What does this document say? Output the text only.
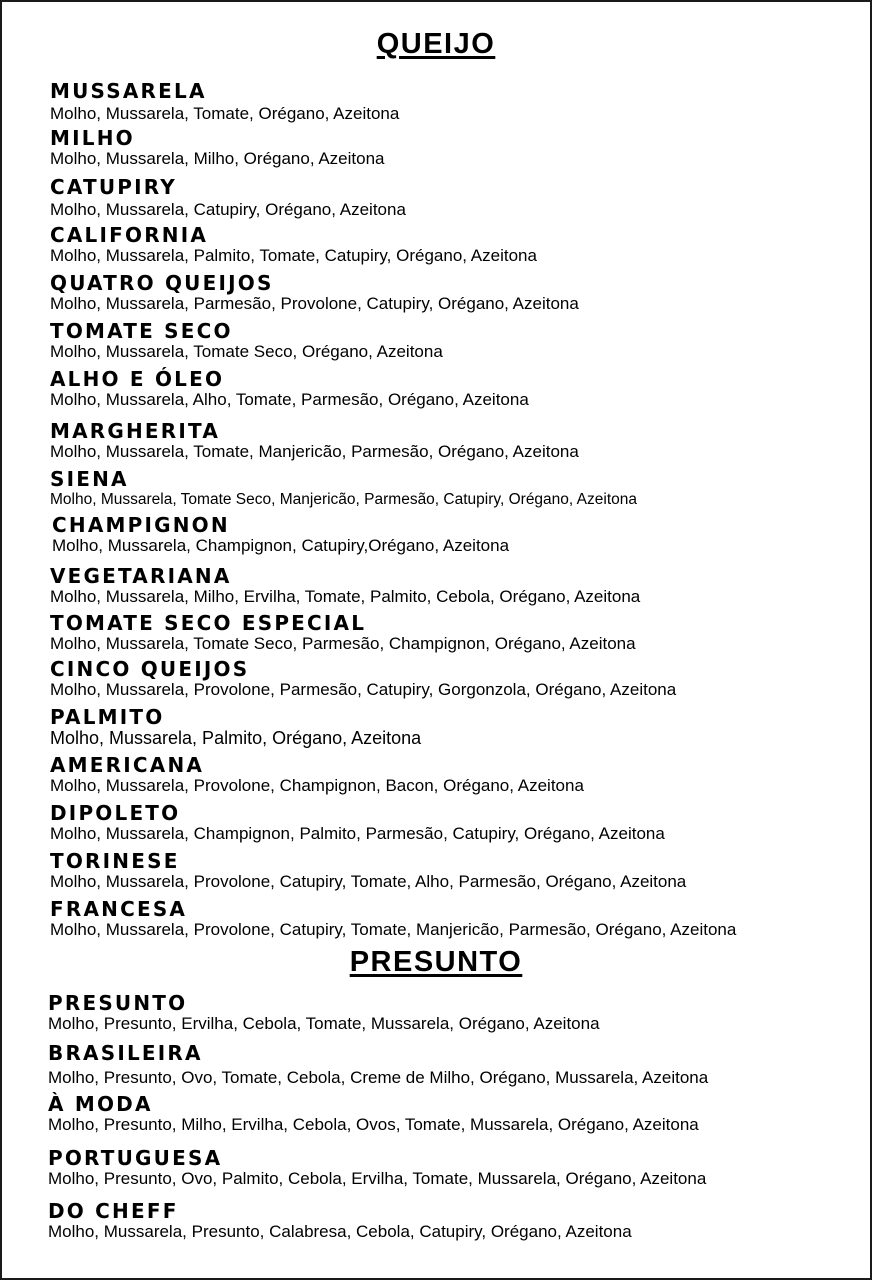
QUEIJO
MUSSARELA
Molho, Mussarela, Tomate, Orégano, Azeitona
MILHO
Molho, Mussarela, Milho, Orégano, Azeitona
CATUPIRY
Molho, Mussarela, Catupiry, Orégano, Azeitona
CALIFORNIA
Molho, Mussarela, Palmito, Tomate, Catupiry, Orégano, Azeitona
QUATRO QUEIJOS
Molho, Mussarela, Parmesão, Provolone, Catupiry, Orégano, Azeitona
TOMATE SECO
Molho, Mussarela, Tomate Seco, Orégano, Azeitona
ALHO E ÓLEO
Molho, Mussarela, Alho, Tomate, Parmesão, Orégano, Azeitona
MARGHERITA
Molho, Mussarela, Tomate, Manjericão, Parmesão, Orégano, Azeitona
SIENA
Molho, Mussarela, Tomate Seco, Manjericão, Parmesão, Catupiry, Orégano, Azeitona
CHAMPIGNON
Molho, Mussarela, Champignon, Catupiry,Orégano, Azeitona
VEGETARIANA
Molho, Mussarela, Milho, Ervilha, Tomate, Palmito, Cebola, Orégano, Azeitona
TOMATE SECO ESPECIAL
Molho, Mussarela, Tomate Seco, Parmesão, Champignon, Orégano, Azeitona
CINCO QUEIJOS
Molho, Mussarela, Provolone, Parmesão, Catupiry, Gorgonzola, Orégano, Azeitona
PALMITO
Molho, Mussarela, Palmito, Orégano, Azeitona
AMERICANA
Molho, Mussarela, Provolone, Champignon, Bacon, Orégano, Azeitona
DIPOLETO
Molho, Mussarela, Champignon, Palmito, Parmesão, Catupiry, Orégano, Azeitona
TORINESE
Molho, Mussarela, Provolone, Catupiry, Tomate, Alho, Parmesão, Orégano, Azeitona
FRANCESA
Molho, Mussarela, Provolone, Catupiry, Tomate, Manjericão, Parmesão, Orégano, Azeitona
PRESUNTO
PRESUNTO
Molho, Presunto, Ervilha, Cebola, Tomate, Mussarela, Orégano, Azeitona
BRASILEIRA
Molho, Presunto, Ovo, Tomate, Cebola, Creme de Milho, Orégano, Mussarela, Azeitona
À MODA
Molho, Presunto, Milho, Ervilha, Cebola, Ovos, Tomate, Mussarela, Orégano, Azeitona
PORTUGUESA
Molho, Presunto, Ovo, Palmito, Cebola, Ervilha, Tomate, Mussarela, Orégano, Azeitona
DO CHEFF
Molho, Mussarela, Presunto, Calabresa, Cebola, Catupiry, Orégano, Azeitona
